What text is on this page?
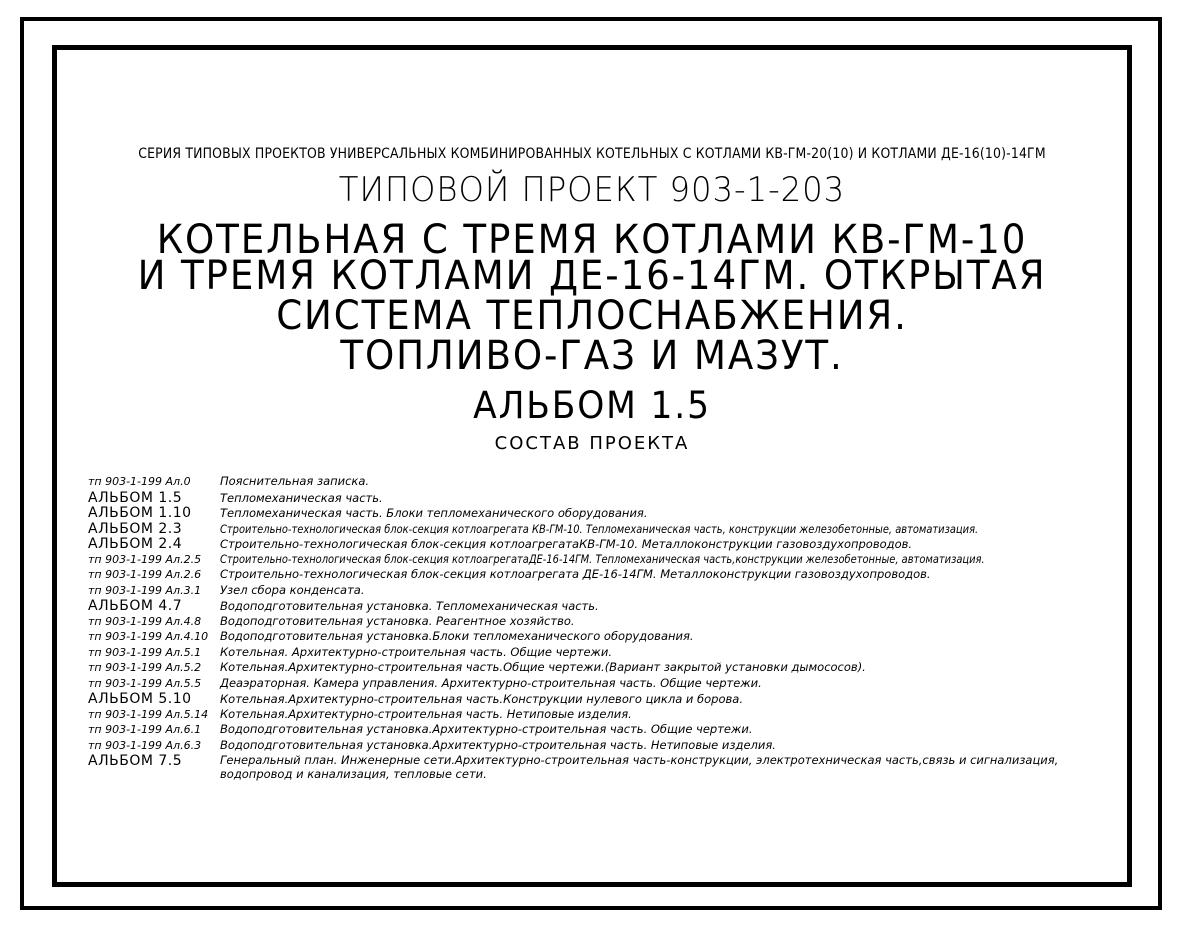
СЕРИЯ ТИПОВЫХ ПРОЕКТОВ УНИВЕРСАЛЬНЫХ КОМБИНИРОВАННЫХ КОТЕЛЬНЫХ С КОТЛАМИ КВ-ГМ-20(10) И КОТЛАМИ ДЕ-16(10)-14ГМ
ТИПОВОЙ ПРОЕКТ 903-1-203
КОТЕЛЬНАЯ С ТРЕМЯ КОТЛАМИ КВ-ГМ-10
И ТРЕМЯ КОТЛАМИ ДЕ-16-14ГМ. ОТКРЫТАЯ
СИСТЕМА ТЕПЛОСНАБЖЕНИЯ.
ТОПЛИВО-ГАЗ И МАЗУТ.
АЛЬБОМ 1.5
СОСТАВ ПРОЕКТА
тп 903-1-199 Ал.0	Пояснительная записка.
АЛЬБОМ 1.5	Тепломеханическая часть.
АЛЬБОМ 1.10	Тепломеханическая часть. Блоки тепломеханического оборудования.
АЛЬБОМ 2.3	Строительно-технологическая блок-секция котлоагрегата КВ-ГМ-10. Тепломеханическая часть, конструкции железобетонные, автоматизация.
АЛЬБОМ 2.4	Строительно-технологическая блок-секция котлоагрегатаКВ-ГМ-10. Металлоконструкции газовоздухопроводов.
тп 903-1-199 Ал.2.5	Строительно-технологическая блок-секция котлоагрегатаДЕ-16-14ГМ. Тепломеханическая часть,конструкции железобетонные, автоматизация.
тп 903-1-199 Ал.2.6	Строительно-технологическая блок-секция котлоагрегата ДЕ-16-14ГМ. Металлоконструкции газовоздухопроводов.
тп 903-1-199 Ал.3.1	Узел сбора конденсата.
АЛЬБОМ 4.7	Водоподготовительная установка. Тепломеханическая часть.
тп 903-1-199 Ал.4.8	Водоподготовительная установка. Реагентное хозяйство.
тп 903-1-199 Ал.4.10	Водоподготовительная установка.Блоки тепломеханического оборудования.
тп 903-1-199 Ал.5.1	Котельная. Архитектурно-строительная часть. Общие чертежи.
тп 903-1-199 Ал.5.2	Котельная.Архитектурно-строительная часть.Общие чертежи.(Вариант закрытой установки дымососов).
тп 903-1-199 Ал.5.5	Деаэраторная. Камера управления. Архитектурно-строительная часть. Общие чертежи.
АЛЬБОМ 5.10	Котельная.Архитектурно-строительная часть.Конструкции нулевого цикла и борова.
тп 903-1-199 Ал.5.14	Котельная.Архитектурно-строительная часть. Нетиповые изделия.
тп 903-1-199 Ал.6.1	Водоподготовительная установка.Архитектурно-строительная часть. Общие чертежи.
тп 903-1-199 Ал.6.3	Водоподготовительная установка.Архитектурно-строительная часть. Нетиповые изделия.
АЛЬБОМ 7.5	Генеральный план. Инженерные сети.Архитектурно-строительная часть-конструкции, электротехническая часть,связь и сигнализация, водопровод и канализация, тепловые сети.
